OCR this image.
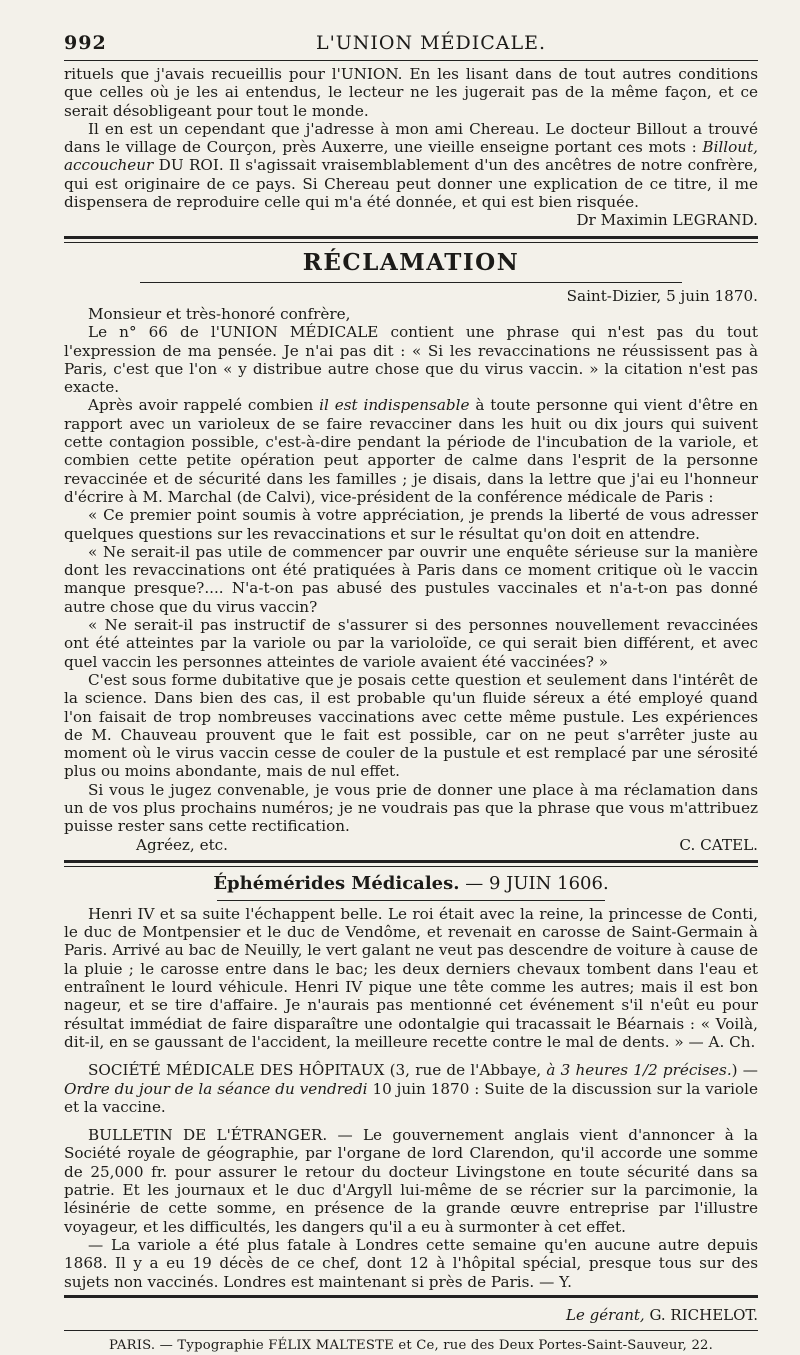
992	L'UNION MÉDICALE.

rituels que j'avais recueillis pour l'UNION. En les lisant dans de tout autres conditions que celles où je les ai entendus, le lecteur ne les jugerait pas de la même façon, et ce serait désobligeant pour tout le monde.

Il en est un cependant que j'adresse à mon ami Chereau. Le docteur Billout a trouvé dans le village de Courçon, près Auxerre, une vieille enseigne portant ces mots : Billout, accoucheur DU ROI. Il s'agissait vraisemblablement d'un des ancêtres de notre confrère, qui est originaire de ce pays. Si Chereau peut donner une explication de ce titre, il me dispensera de reproduire celle qui m'a été donnée, et qui est bien risquée.

Dr Maximin LEGRAND.

RÉCLAMATION

Saint-Dizier, 5 juin 1870.

Monsieur et très-honoré confrère,

Le n° 66 de l'UNION MÉDICALE contient une phrase qui n'est pas du tout l'expression de ma pensée. Je n'ai pas dit : « Si les revaccinations ne réussissent pas à Paris, c'est que l'on « y distribue autre chose que du virus vaccin. » la citation n'est pas exacte.

Après avoir rappelé combien il est indispensable à toute personne qui vient d'être en rapport avec un varioleux de se faire revacciner dans les huit ou dix jours qui suivent cette contagion possible, c'est-à-dire pendant la période de l'incubation de la variole, et combien cette petite opération peut apporter de calme dans l'esprit de la personne revaccinée et de sécurité dans les familles ; je disais, dans la lettre que j'ai eu l'honneur d'écrire à M. Marchal (de Calvi), vice-président de la conférence médicale de Paris :

« Ce premier point soumis à votre appréciation, je prends la liberté de vous adresser quelques questions sur les revaccinations et sur le résultat qu'on doit en attendre.

« Ne serait-il pas utile de commencer par ouvrir une enquête sérieuse sur la manière dont les revaccinations ont été pratiquées à Paris dans ce moment critique où le vaccin manque presque?.... N'a-t-on pas abusé des pustules vaccinales et n'a-t-on pas donné autre chose que du virus vaccin?

« Ne serait-il pas instructif de s'assurer si des personnes nouvellement revaccinées ont été atteintes par la variole ou par la varioloïde, ce qui serait bien différent, et avec quel vaccin les personnes atteintes de variole avaient été vaccinées? »

C'est sous forme dubitative que je posais cette question et seulement dans l'intérêt de la science. Dans bien des cas, il est probable qu'un fluide séreux a été employé quand l'on faisait de trop nombreuses vaccinations avec cette même pustule. Les expériences de M. Chauveau prouvent que le fait est possible, car on ne peut s'arrêter juste au moment où le virus vaccin cesse de couler de la pustule et est remplacé par une sérosité plus ou moins abondante, mais de nul effet.

Si vous le jugez convenable, je vous prie de donner une place à ma réclamation dans un de vos plus prochains numéros; je ne voudrais pas que la phrase que vous m'attribuez puisse rester sans cette rectification.

Agréez, etc.	C. CATEL.
Éphémérides Médicales. — 9 JUIN 1606.

Henri IV et sa suite l'échappent belle. Le roi était avec la reine, la princesse de Conti, le duc de Montpensier et le duc de Vendôme, et revenait en carosse de Saint-Germain à Paris. Arrivé au bac de Neuilly, le vert galant ne veut pas descendre de voiture à cause de la pluie ; le carosse entre dans le bac; les deux derniers chevaux tombent dans l'eau et entraînent le lourd véhicule. Henri IV pique une tête comme les autres; mais il est bon nageur, et se tire d'affaire. Je n'aurais pas mentionné cet événement s'il n'eût eu pour résultat immédiat de faire disparaître une odontalgie qui tracassait le Béarnais : « Voilà, dit-il, en se gaussant de l'accident, la meilleure recette contre le mal de dents. » — A. Ch.

SOCIÉTÉ MÉDICALE DES HÔPITAUX (3, rue de l'Abbaye, à 3 heures 1/2 précises.) — Ordre du jour de la séance du vendredi 10 juin 1870 : Suite de la discussion sur la variole et la vaccine.

BULLETIN DE L'ÉTRANGER. — Le gouvernement anglais vient d'annoncer à la Société royale de géographie, par l'organe de lord Clarendon, qu'il accorde une somme de 25,000 fr. pour assurer le retour du docteur Livingstone en toute sécurité dans sa patrie. Et les journaux et le duc d'Argyll lui-même de se récrier sur la parcimonie, la lésinérie de cette somme, en présence de la grande œuvre entreprise par l'illustre voyageur, et les difficultés, les dangers qu'il a eu à surmonter à cet effet.

— La variole a été plus fatale à Londres cette semaine qu'en aucune autre depuis 1868. Il y a eu 19 décès de ce chef, dont 12 à l'hôpital spécial, presque tous sur des sujets non vaccinés. Londres est maintenant si près de Paris. — Y.

Le gérant, G. RICHELOT.
PARIS. — Typographie FÉLIX MALTESTE et Ce, rue des Deux Portes-Saint-Sauveur, 22.
